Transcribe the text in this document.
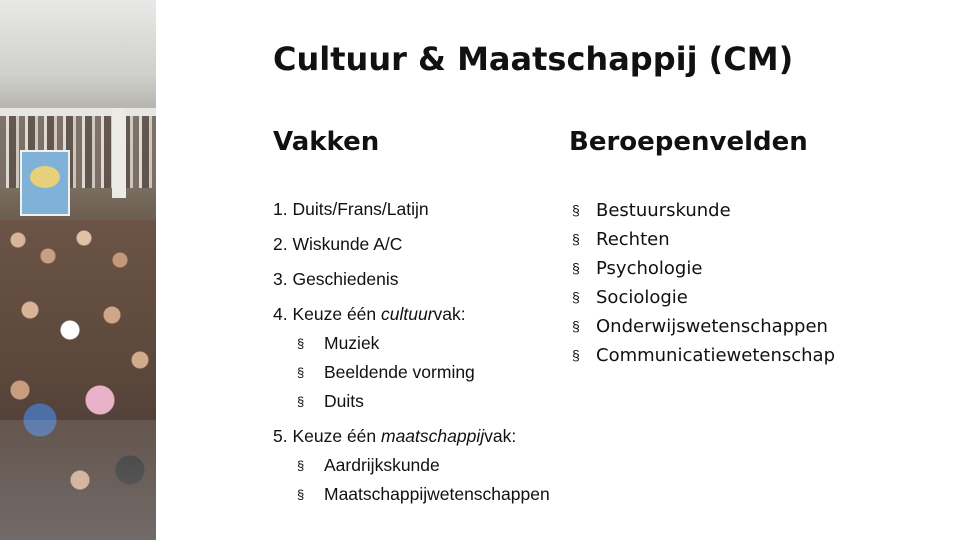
Cultuur & Maatschappij (CM)
Vakken	Beroepenvelden

1. Duits/Frans/Latijn

2. Wiskunde A/C

3. Geschiedenis

4. Keuze één cultuurvak:
§ Muziek
§ Beeldende vorming
§ Duits
5. Keuze één maatschappijvak:
§ Aardrijkskunde
§ Maatschappijwetenschappen
§ Bestuurskunde
§ Rechten
§ Psychologie
§ Sociologie
§ Onderwijswetenschappen
§ Communicatiewetenschap
